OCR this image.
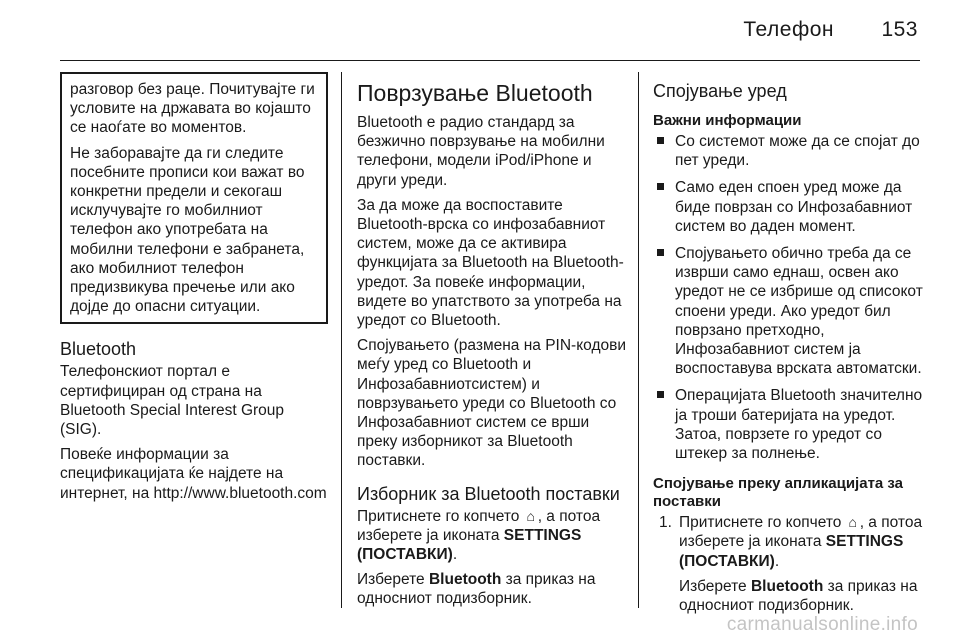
Телефон 153

разговор без раце. Почитувајте ги условите на државата во којашто се наоѓате во моментов.

Не заборавајте да ги следите посебните прописи кои важат во конкретни предели и секогаш исклучувајте го мобилниот телефон ако употребата на мобилни телефони е забранета, ако мобилниот телефон предизвикува пречење или ако дојде до опасни ситуации.

Bluetooth

Телефонскиот портал е сертифициран од страна на Bluetooth Special Interest Group (SIG).

Повеќе информации за спецификацијата ќе најдете на интернет, на http://www.bluetooth.com

Поврзување Bluetooth

Bluetooth е радио стандард за безжично поврзување на мобилни телефони, модели iPod/iPhone и други уреди.

За да може да воспоставите Bluetooth-врска со инфозабавниот систем, може да се активира функцијата за Bluetooth на Bluetooth-уредот. За повеќе информации, видете во упатството за употреба на уредот со Bluetooth.

Спојувањето (размена на PIN-кодови меѓу уред со Bluetooth и Инфозабавниотсистем) и поврзувањето уреди со Bluetooth со Инфозабавниот систем се врши преку изборникот за Bluetooth поставки.

Изборник за Bluetooth поставки

Притиснете го копчето ⌂ , а потоа изберете ја иконата SETTINGS (ПОСТАВКИ).

Изберете Bluetooth за приказ на односниот подизборник.

Спојување уред
Важни информации
Со системот може да се спојат до пет уреди.
Само еден споен уред може да биде поврзан со Инфозабавниот систем во даден момент.
Спојувањето обично треба да се изврши само еднаш, освен ако уредот не се избрише од списокот споени уреди. Ако уредот бил поврзано претходно, Инфозабавниот систем ја воспоставува врската автоматски.
Операцијата Bluetooth значително ја троши батеријата на уредот. Затоа, поврзете го уредот со штекер за полнење.
Спојување преку апликацијата за поставки
1. Притиснете го копчето ⌂ , а потоа изберете ја иконата SETTINGS (ПОСТАВКИ).
Изберете Bluetooth за приказ на односниот подизборник.
carmanualsonline.info
